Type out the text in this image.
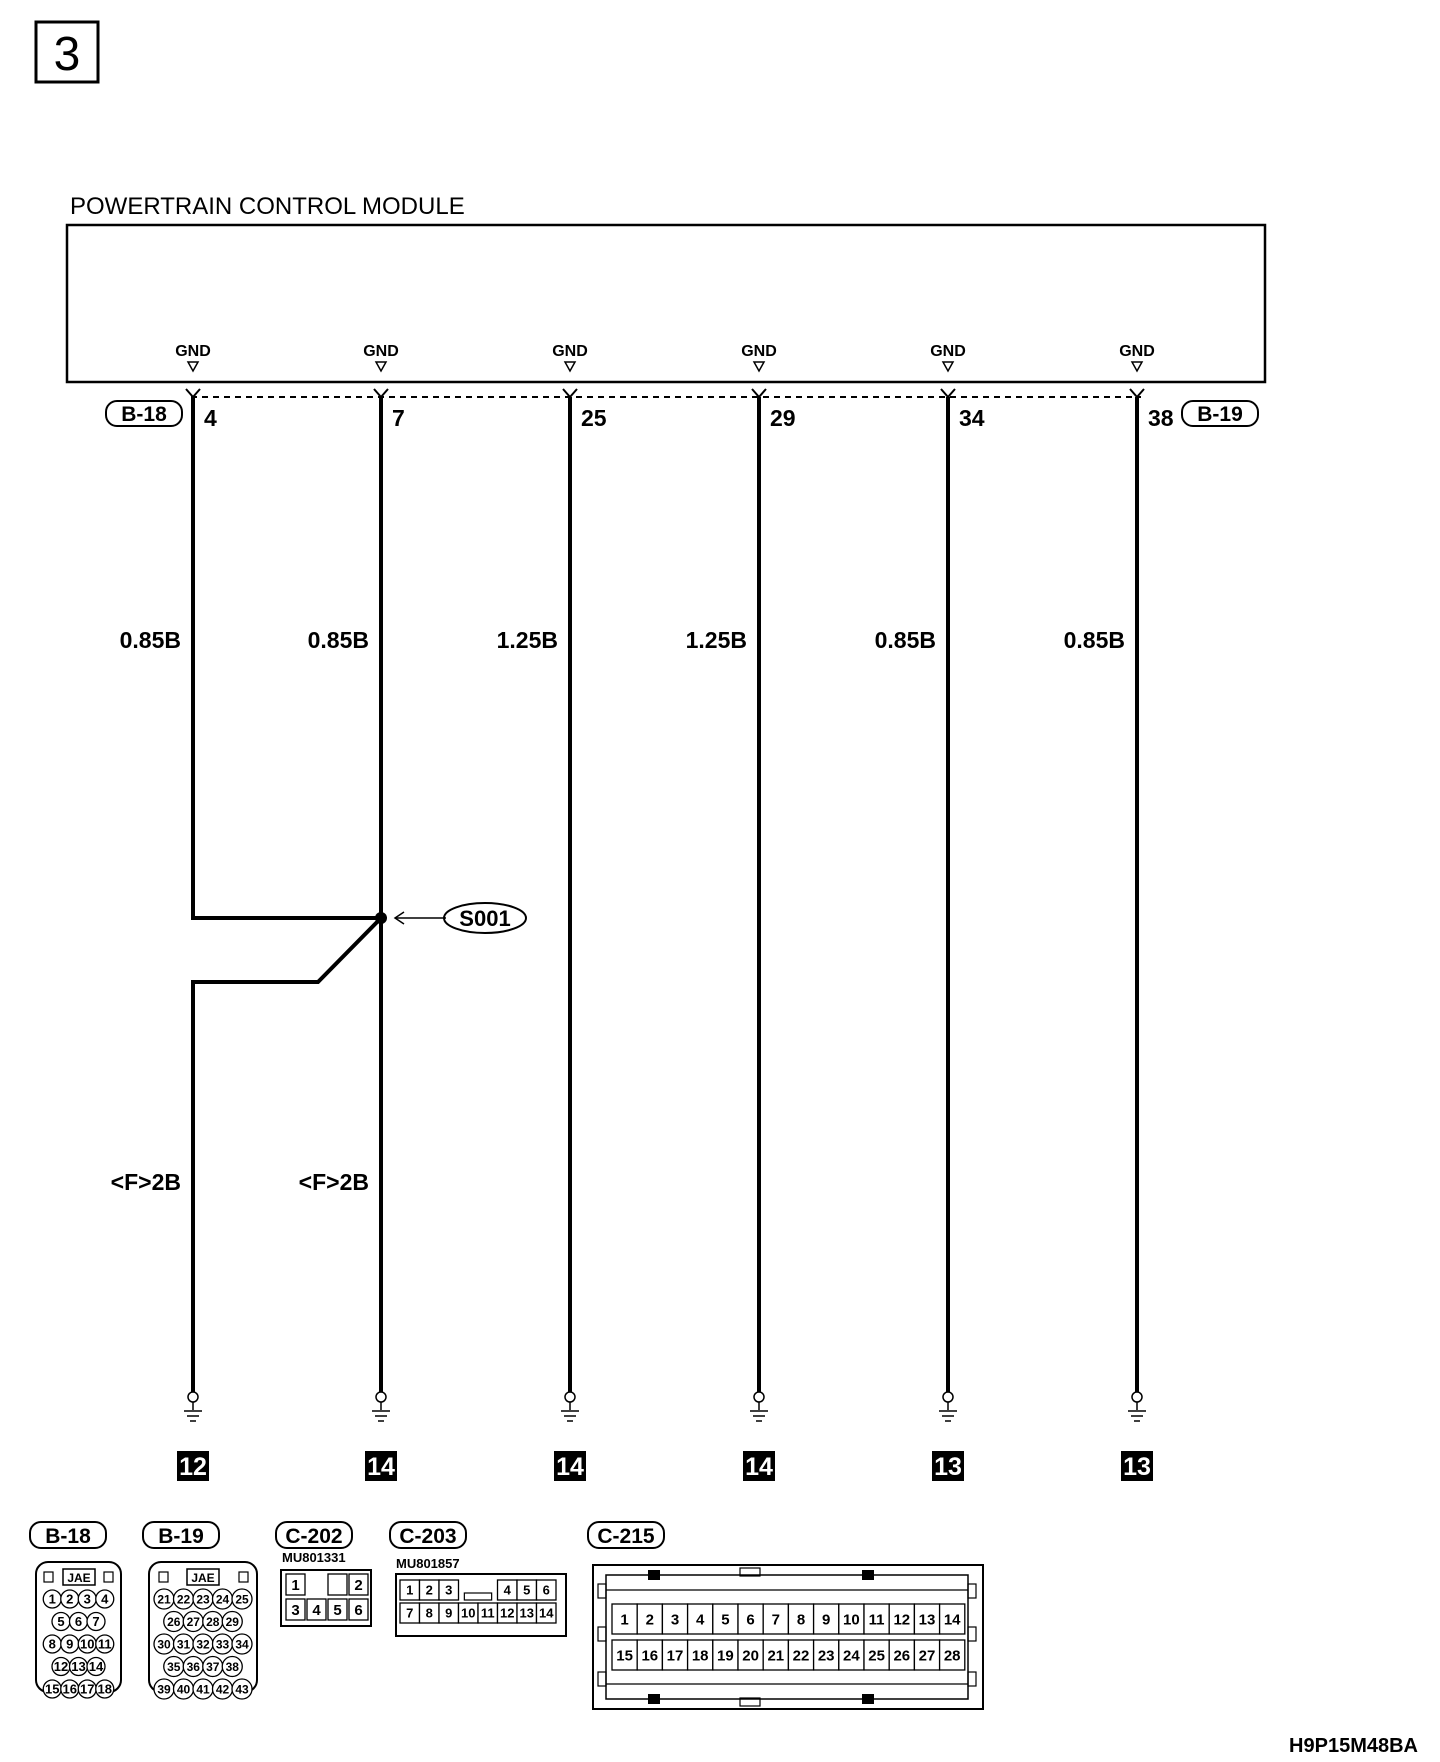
3
POWERTRAIN CONTROL MODULE
B-18	B-19
GND
4
0.85B
<F>2B
12
GND
7
0.85B
<F>2B
14
GND
25
1.25B
14
GND
29
1.25B
14
GND
34
0.85B
13
GND
38
0.85B
13
S001
B-18
JAE
1 2 3 4
5 6 7
8 9 10 11
12 13 14
15 16 17 18
B-19
JAE
21 22 23 24 25
26 27 28 29
30 31 32 33 34
35 36 37 38
39 40 41 42 43
C-202
MU801331
1	2
3 4 5 6
C-203
MU801857
1 2 3	4 5 6
7 8 9 10 11 12 13 14
C-215
1 2 3 4 5 6 7 8 9 10 11 12 13 14
15 16 17 18 19 20 21 22 23 24 25 26 27 28
H9P15M48BA
